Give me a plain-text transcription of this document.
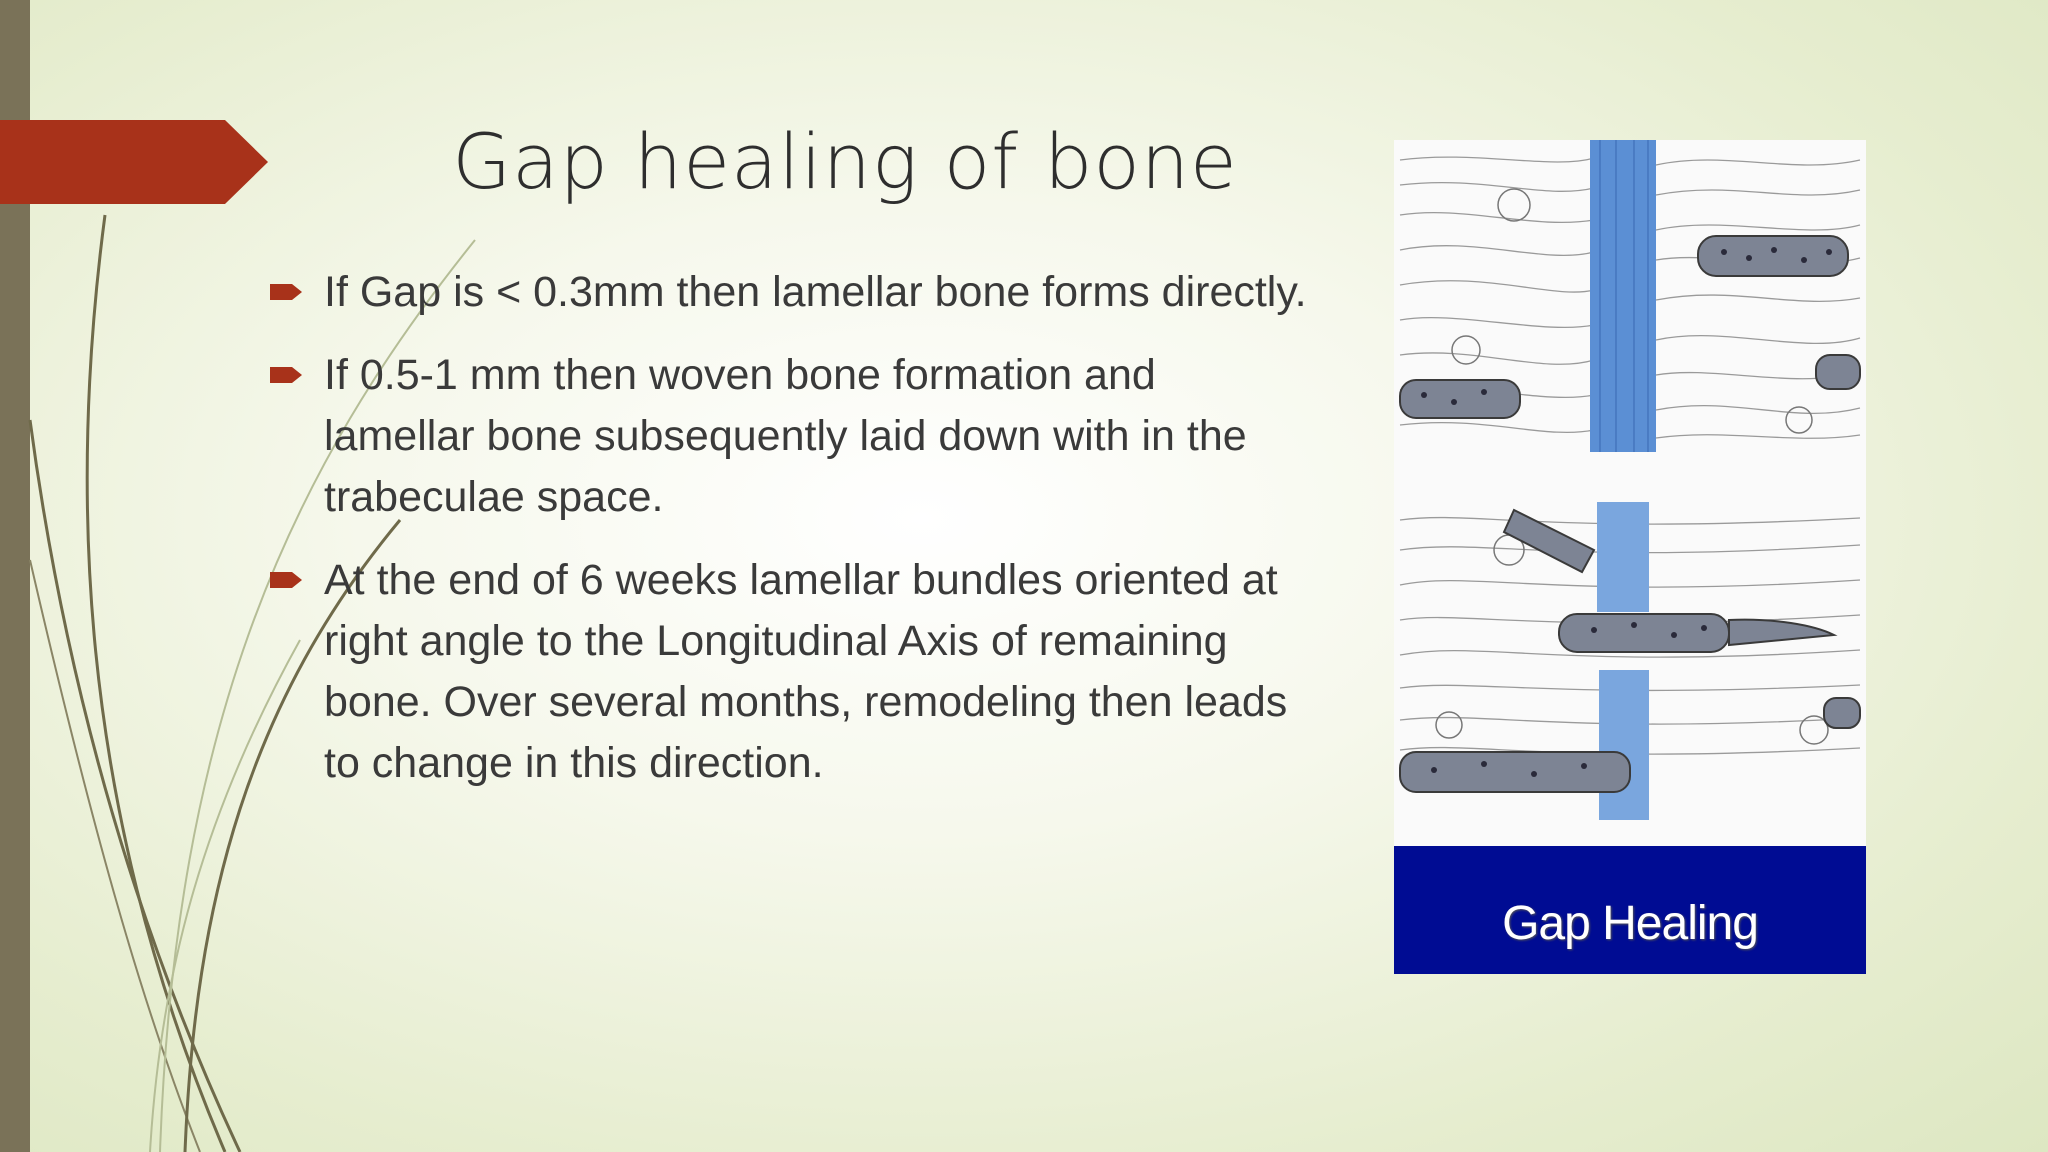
Gap healing of bone
If Gap is < 0.3mm then lamellar bone forms directly.
If 0.5-1 mm then woven bone formation and lamellar bone subsequently laid down with in the trabeculae space.
At the end of 6 weeks lamellar bundles oriented at right angle to the Longitudinal Axis of remaining bone. Over several months, remodeling then leads to change in this direction.
Gap Healing
